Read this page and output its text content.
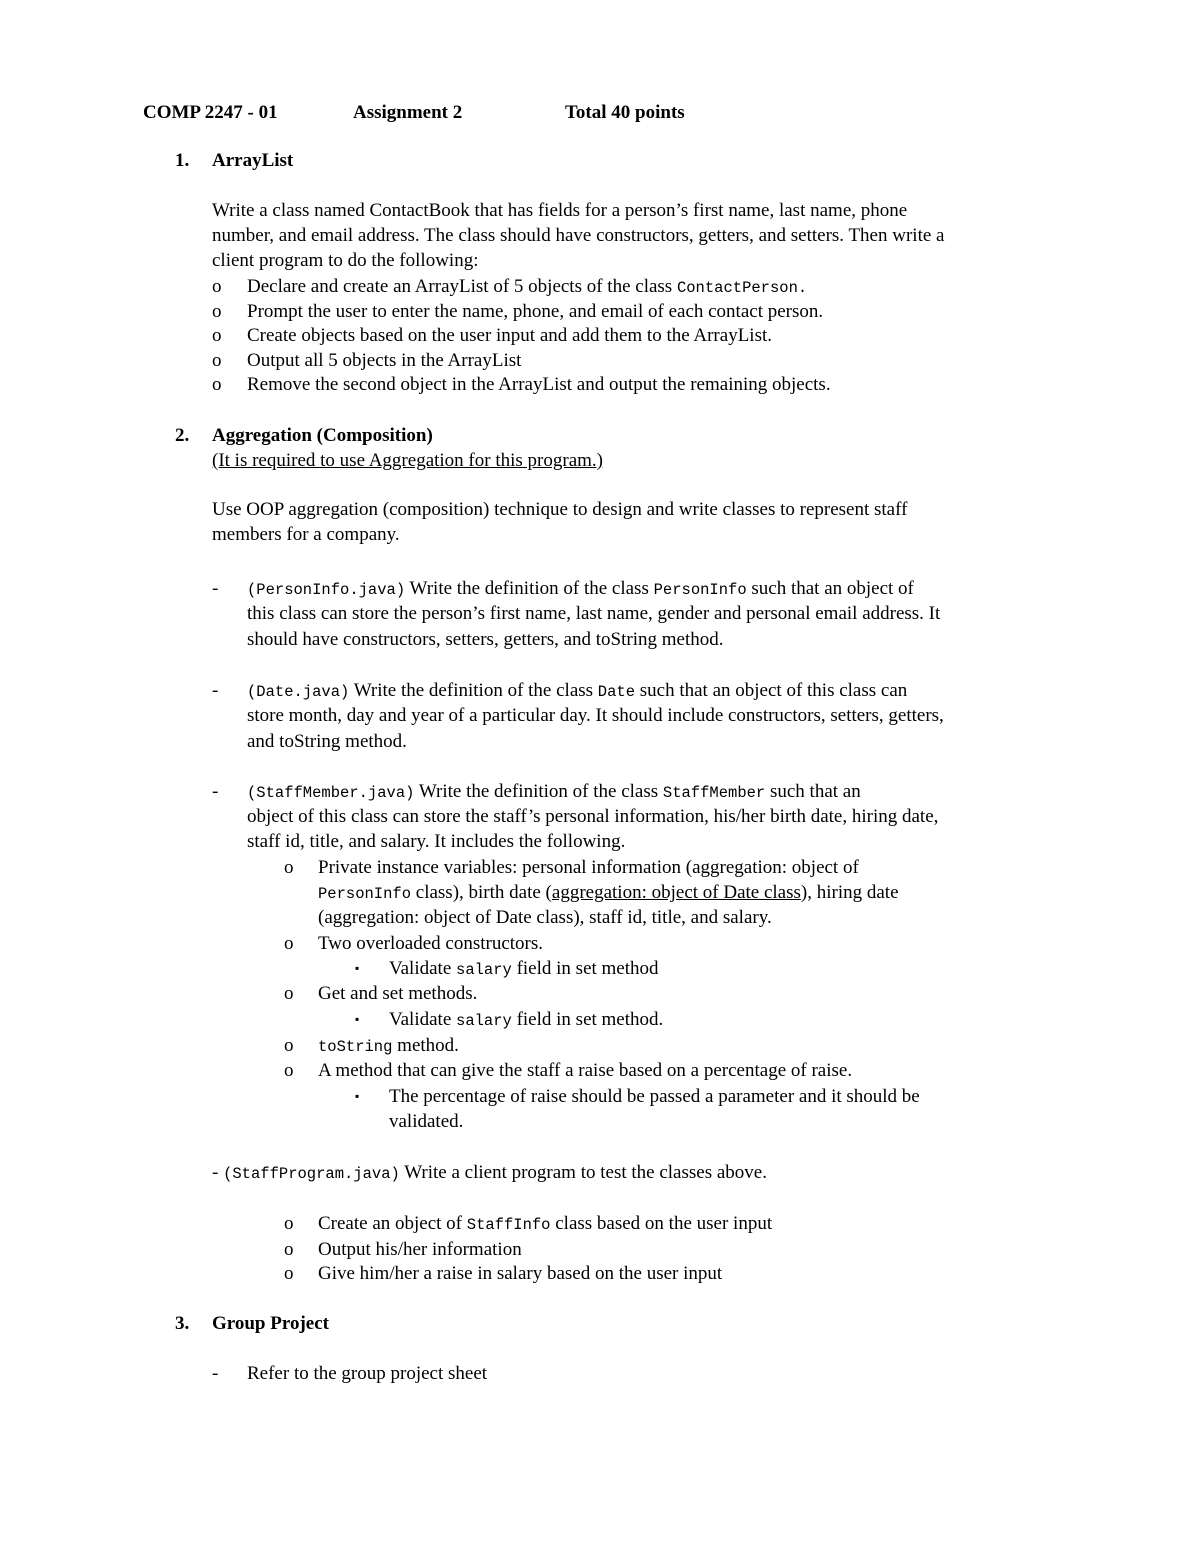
COMP 2247 - 01	Assignment 2	Total 40 points
1. ArrayList
Write a class named ContactBook that has fields for a person’s first name, last name, phone
number, and email address. The class should have constructors, getters, and setters. Then write a
client program to do the following:
o Declare and create an ArrayList of 5 objects of the class ContactPerson.
o Prompt the user to enter the name, phone, and email of each contact person.
o Create objects based on the user input and add them to the ArrayList.
o Output all 5 objects in the ArrayList
o Remove the second object in the ArrayList and output the remaining objects.
2. Aggregation (Composition)
(It is required to use Aggregation for this program.)
Use OOP aggregation (composition) technique to design and write classes to represent staff
members for a company.
- (PersonInfo.java) Write the definition of the class PersonInfo such that an object of
this class can store the person’s first name, last name, gender and personal email address. It
should have constructors, setters, getters, and toString method.
- (Date.java) Write the definition of the class Date such that an object of this class can
store month, day and year of a particular day. It should include constructors, setters, getters,
and toString method.
- (StaffMember.java) Write the definition of the class StaffMember such that an
object of this class can store the staff’s personal information, his/her birth date, hiring date,
staff id, title, and salary. It includes the following.
o Private instance variables: personal information (aggregation: object of
PersonInfo class), birth date (aggregation: object of Date class), hiring date
(aggregation: object of Date class), staff id, title, and salary.
o Two overloaded constructors.
▪ Validate salary field in set method
o Get and set methods.
▪ Validate salary field in set method.
o toString method.
o A method that can give the staff a raise based on a percentage of raise.
▪ The percentage of raise should be passed a parameter and it should be
validated.
- (StaffProgram.java) Write a client program to test the classes above.
o Create an object of StaffInfo class based on the user input
o Output his/her information
o Give him/her a raise in salary based on the user input
3. Group Project
- Refer to the group project sheet
